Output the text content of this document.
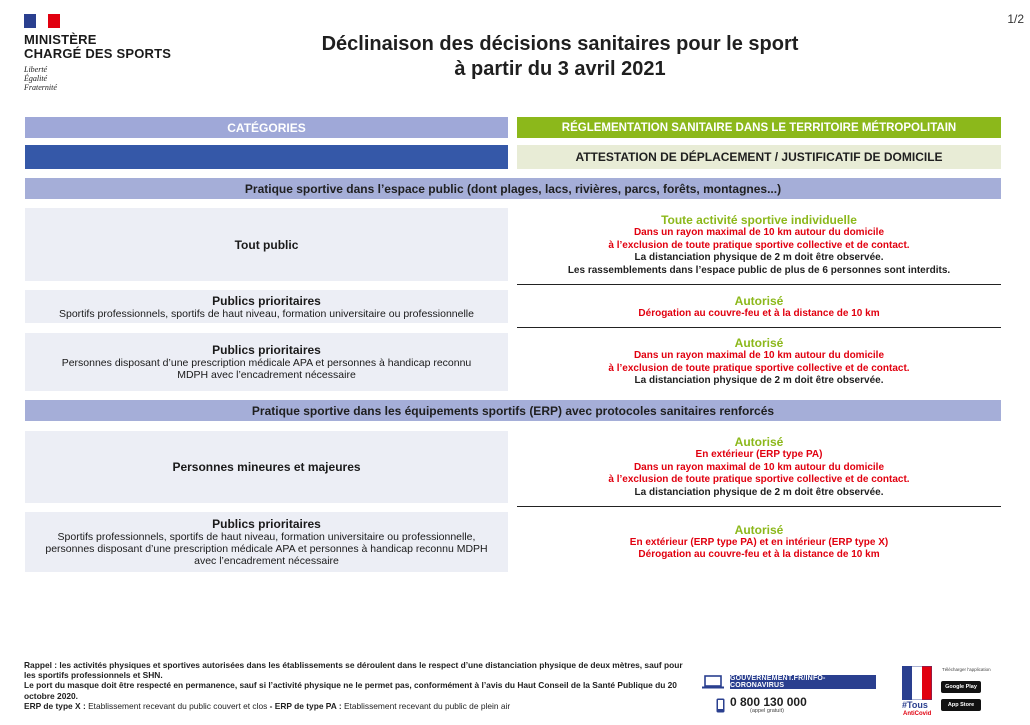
MINISTÈRE
CHARGÉ DES SPORTS
Liberté
Égalité
Fraternité
Déclinaison des décisions sanitaires pour le sport
à partir du 3 avril 2021
1/2
CATÉGORIES	RÉGLEMENTATION SANITAIRE DANS LE TERRITOIRE MÉTROPOLITAIN
ATTESTATION DE DÉPLACEMENT / JUSTIFICATIF DE DOMICILE
Pratique sportive dans l’espace public (dont plages, lacs, rivières, parcs, forêts, montagnes...)
Tout public
Toute activité sportive individuelle
Dans un rayon maximal de 10 km autour du domicile
à l’exclusion de toute pratique sportive collective et de contact.
La distanciation physique de 2 m doit être observée.
Les rassemblements dans l’espace public de plus de 6 personnes sont interdits.
Publics prioritaires
Sportifs professionnels, sportifs de haut niveau, formation universitaire ou professionnelle
Autorisé
Dérogation au couvre-feu et à la distance de 10 km
Publics prioritaires
Personnes disposant d’une prescription médicale APA et personnes à handicap reconnu
MDPH avec l’encadrement nécessaire
Autorisé
Dans un rayon maximal de 10 km autour du domicile
à l’exclusion de toute pratique sportive collective et de contact.
La distanciation physique de 2 m doit être observée.
Pratique sportive dans les équipements sportifs (ERP) avec protocoles sanitaires renforcés
Personnes mineures et majeures
Autorisé
En extérieur (ERP type PA)
Dans un rayon maximal de 10 km autour du domicile
à l’exclusion de toute pratique sportive collective et de contact.
La distanciation physique de 2 m doit être observée.
Publics prioritaires
Sportifs professionnels, sportifs de haut niveau, formation universitaire ou professionnelle,
personnes disposant d’une prescription médicale APA et personnes à handicap reconnu MDPH
avec l’encadrement nécessaire
Autorisé
En extérieur (ERP type PA) et en intérieur (ERP type X)
Dérogation au couvre-feu et à la distance de 10 km
Rappel : les activités physiques et sportives autorisées dans les établissements se déroulent dans le respect d’une distanciation physique de deux mètres, sauf pour les sportifs professionnels et SHN.
Le port du masque doit être respecté en permanence, sauf si l’activité physique ne le permet pas, conformément à l’avis du Haut Conseil de la Santé Publique du 20 octobre 2020.
ERP de type X : Etablissement recevant du public couvert et clos - ERP de type PA : Etablissement recevant du public de plein air
GOUVERNEMENT.FR/INFO-CORONAVIRUS
0 800 130 000
(appel gratuit)
#Tous
AntiCovid
Télécharger l'application
Google Play
App Store
